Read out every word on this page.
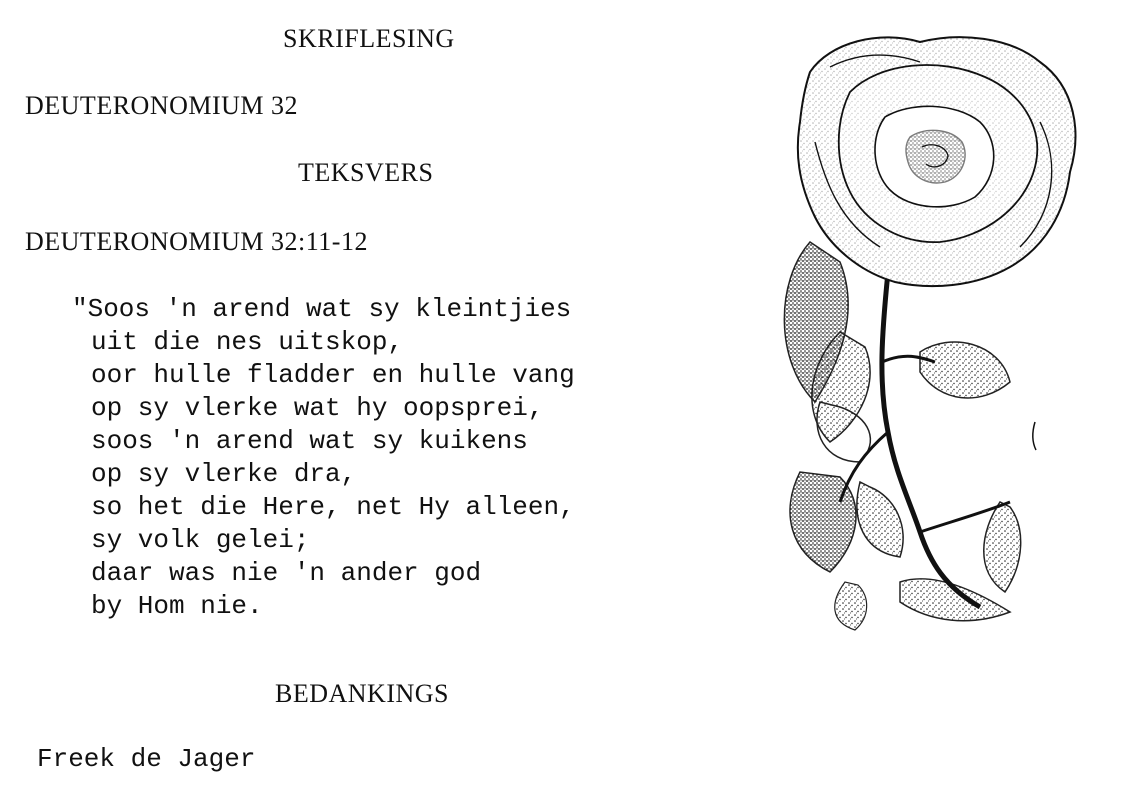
SKRIFLESING

DEUTERONOMIUM 32

TEKSVERS

DEUTERONOMIUM 32:11-12

"Soos 'n arend wat sy kleintjies
uit die nes uitskop,
oor hulle fladder en hulle vang
op sy vlerke wat hy oopsprei,
soos 'n arend wat sy kuikens
op sy vlerke dra,
so het die Here, net Hy alleen,
sy volk gelei;
daar was nie 'n ander god
by Hom nie.
BEDANKINGS

Freek de Jager
